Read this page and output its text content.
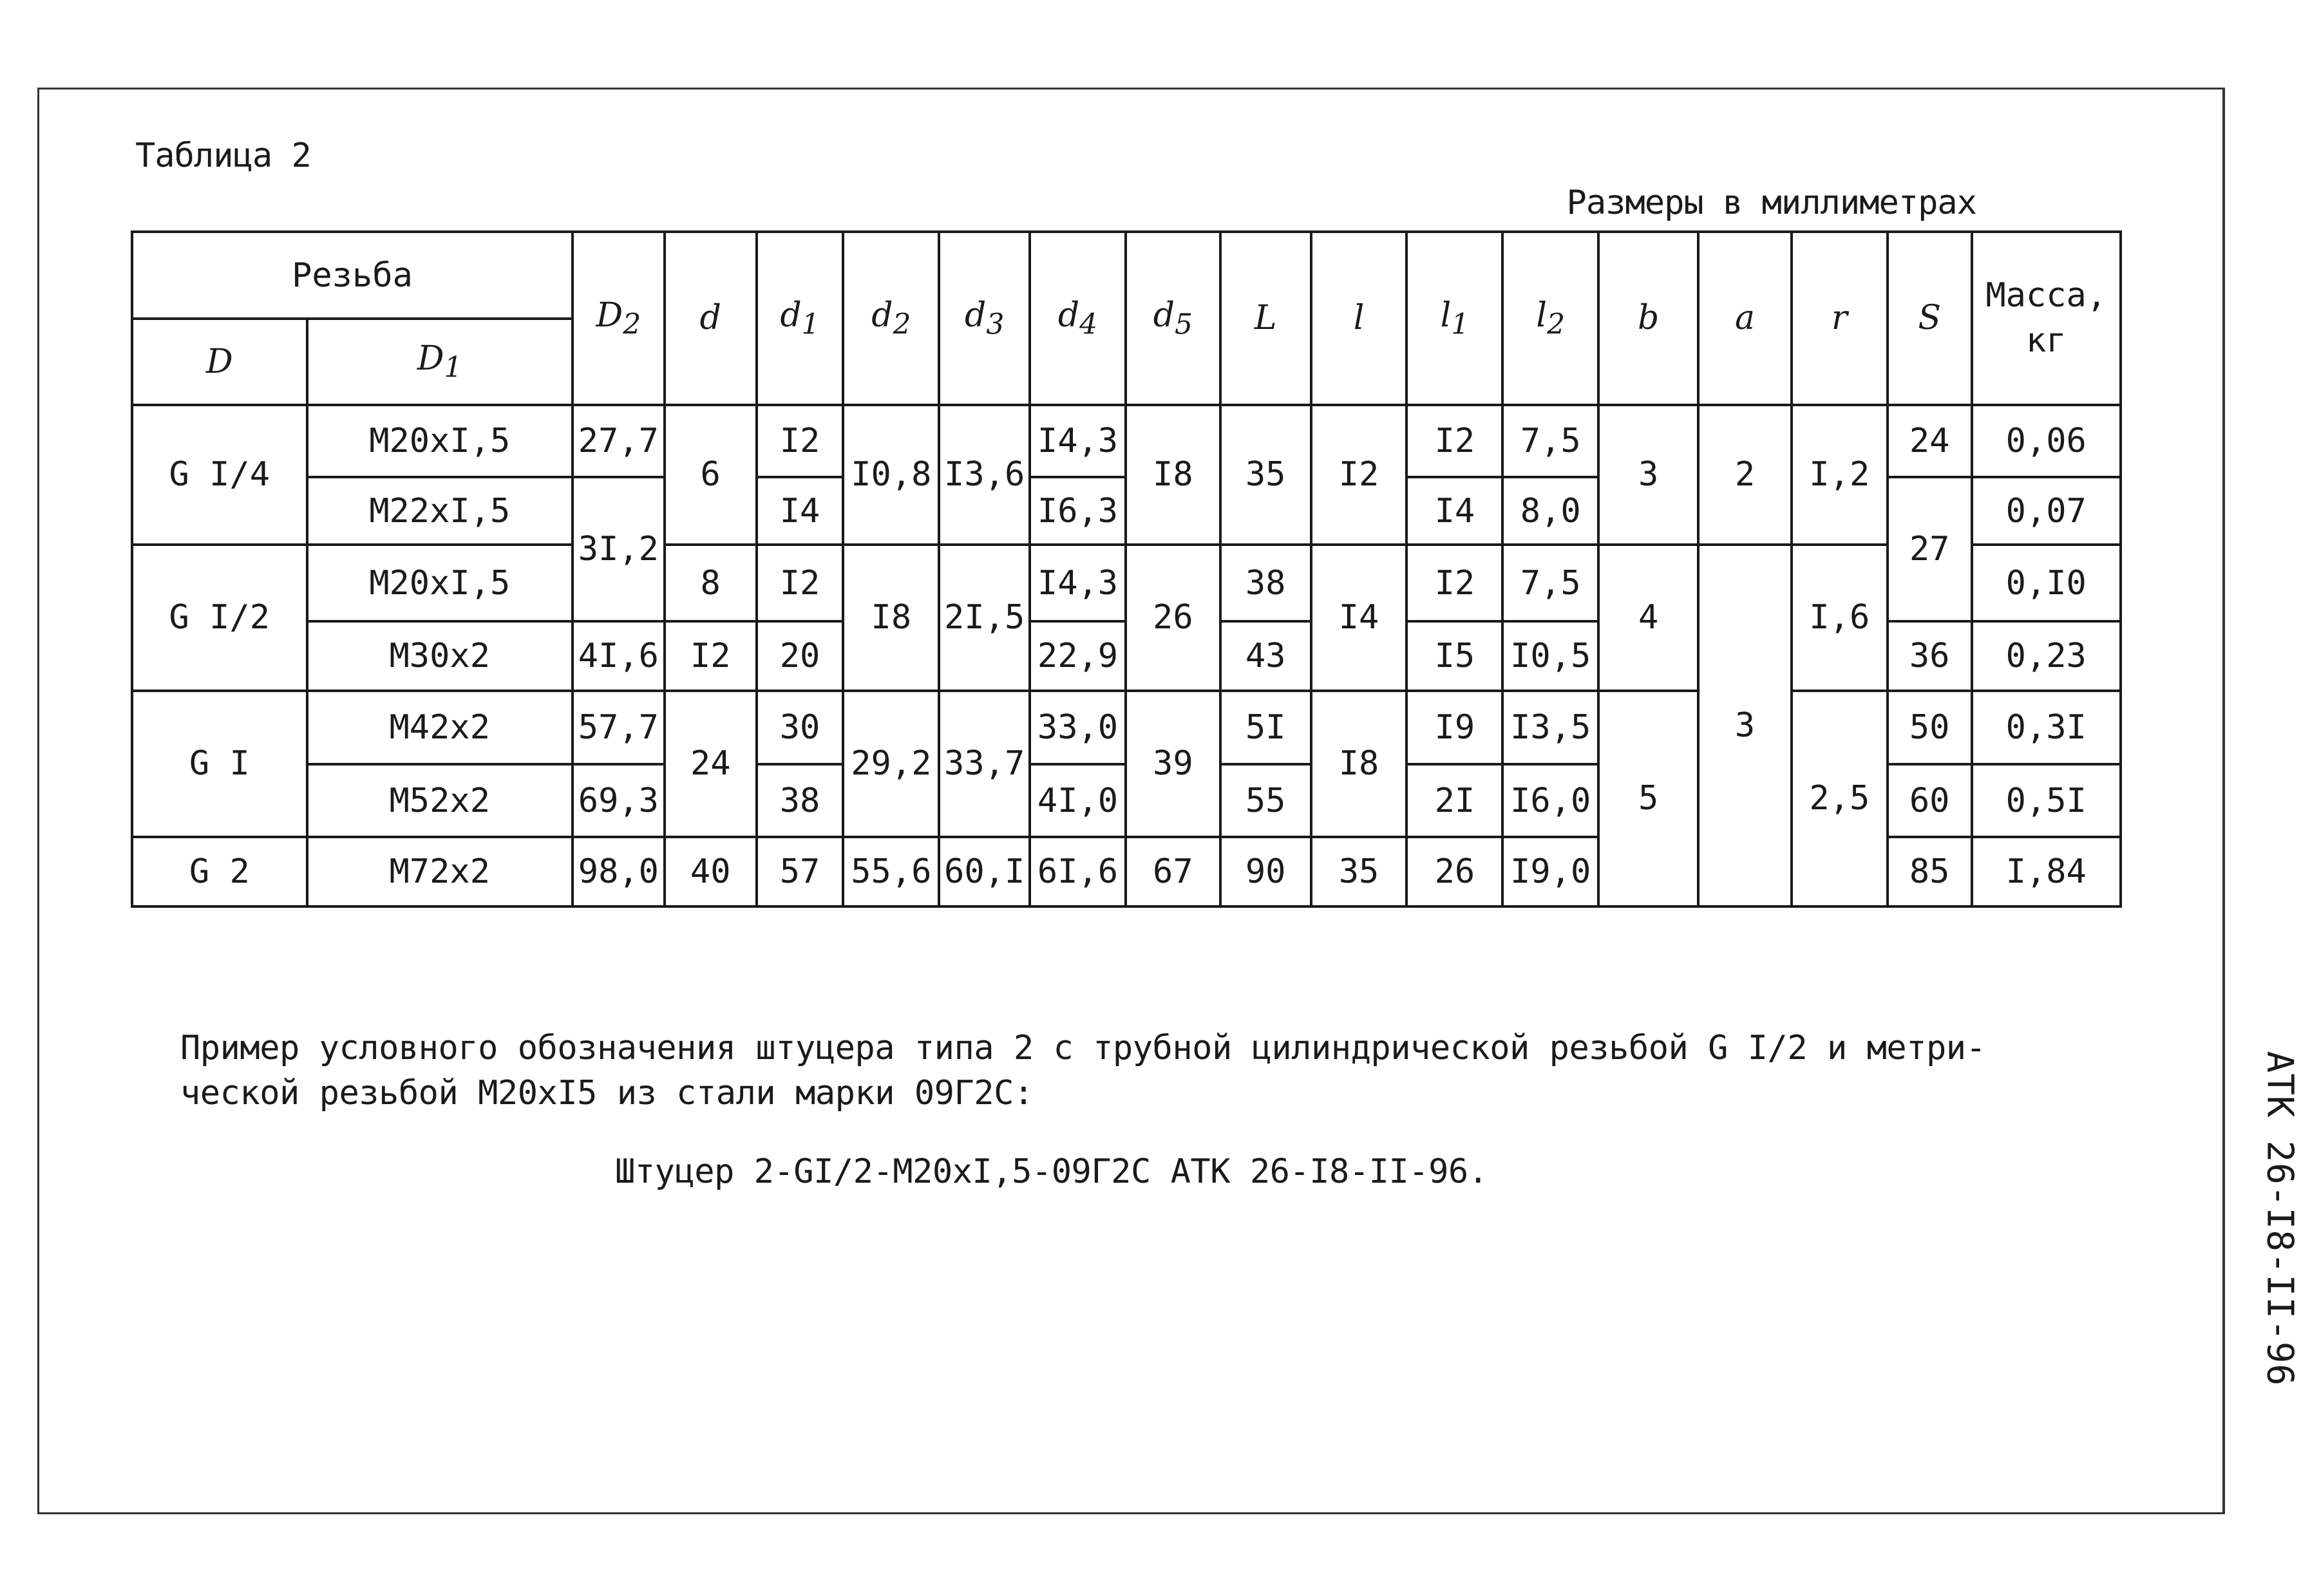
Таблица 2
Размеры в миллиметрах
Резьба		$D_2$	d	$d_1$	$d_2$	$d_3$	$d_4$	$d_5$	L	l	$l_1$	$l_2$	b	a	r	S	Масса,
кг
D	$D_1$
G I/4	M20xI,5	27,7	6	I2	I0,8	I3,6	I4,3	I8	35	I2	I2	7,5	3	2	I,2	24	0,06
	M22xI,5	3I,2		I4			I6,3				I4	8,0				27	0,07
G I/2	M20xI,5		8	I2	I8	2I,5	I4,3	26	38	I4	I2	7,5	4	3	I,6		0,I0
	M30x2	4I,6	I2	20			22,9		43		I5	I0,5				36	0,23
G I	M42x2	57,7	24	30	29,2	33,7	33,0	39	5I	I8	I9	I3,5	5		2,5	50	0,3I
	M52x2	69,3		38			4I,0		55		2I	I6,0				60	0,5I
G 2	M72x2	98,0	40	57	55,6	60,I	6I,6	67	90	35	26	I9,0				85	I,84
Пример условного обозначения штуцера типа 2 с трубной цилиндрической резьбой G I/2 и метри-
ческой резьбой M20xI5 из стали марки 09Г2С:
Штуцер 2-GI/2-M20xI,5-09Г2С АТК 26-I8-II-96.	АТК 26-I8-II-96
